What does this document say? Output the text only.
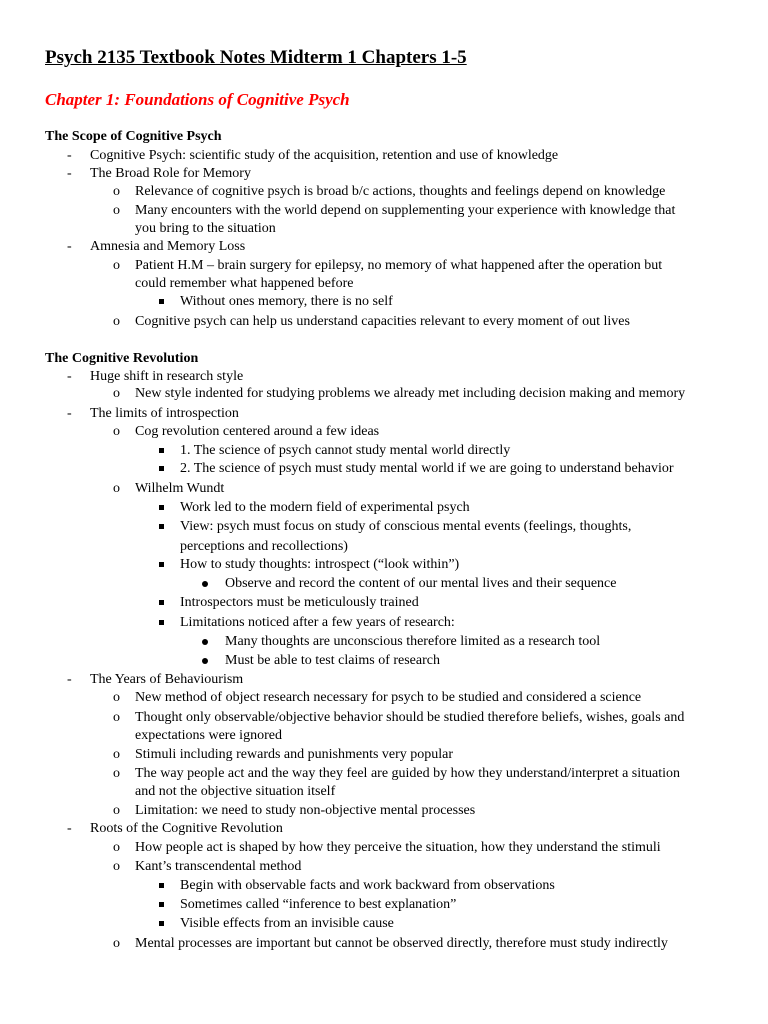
Psych 2135 Textbook Notes Midterm 1 Chapters 1-5
Chapter 1: Foundations of Cognitive Psych
The Scope of Cognitive Psych
- Cognitive Psych: scientific study of the acquisition, retention and use of knowledge
- The Broad Role for Memory
o Relevance of cognitive psych is broad b/c actions, thoughts and feelings depend on knowledge
o Many encounters with the world depend on supplementing your experience with knowledge that
you bring to the situation
- Amnesia and Memory Loss
o Patient H.M – brain surgery for epilepsy, no memory of what happened after the operation but
could remember what happened before
Without ones memory, there is no self
o Cognitive psych can help us understand capacities relevant to every moment of out lives
The Cognitive Revolution
- Huge shift in research style
o New style indented for studying problems we already met including decision making and memory
- The limits of introspection
o Cog revolution centered around a few ideas
1. The science of psych cannot study mental world directly
2. The science of psych must study mental world if we are going to understand behavior
o Wilhelm Wundt
Work led to the modern field of experimental psych
View: psych must focus on study of conscious mental events (feelings, thoughts,
perceptions and recollections)
How to study thoughts: introspect (“look within”)
Observe and record the content of our mental lives and their sequence
Introspectors must be meticulously trained
Limitations noticed after a few years of research:
Many thoughts are unconscious therefore limited as a research tool
Must be able to test claims of research
- The Years of Behaviourism
o New method of object research necessary for psych to be studied and considered a science
o Thought only observable/objective behavior should be studied therefore beliefs, wishes, goals and
expectations were ignored
o Stimuli including rewards and punishments very popular
o The way people act and the way they feel are guided by how they understand/interpret a situation
and not the objective situation itself
o Limitation: we need to study non-objective mental processes
- Roots of the Cognitive Revolution
o How people act is shaped by how they perceive the situation, how they understand the stimuli
o Kant’s transcendental method
Begin with observable facts and work backward from observations
Sometimes called “inference to best explanation”
Visible effects from an invisible cause
o Mental processes are important but cannot be observed directly, therefore must study indirectly
